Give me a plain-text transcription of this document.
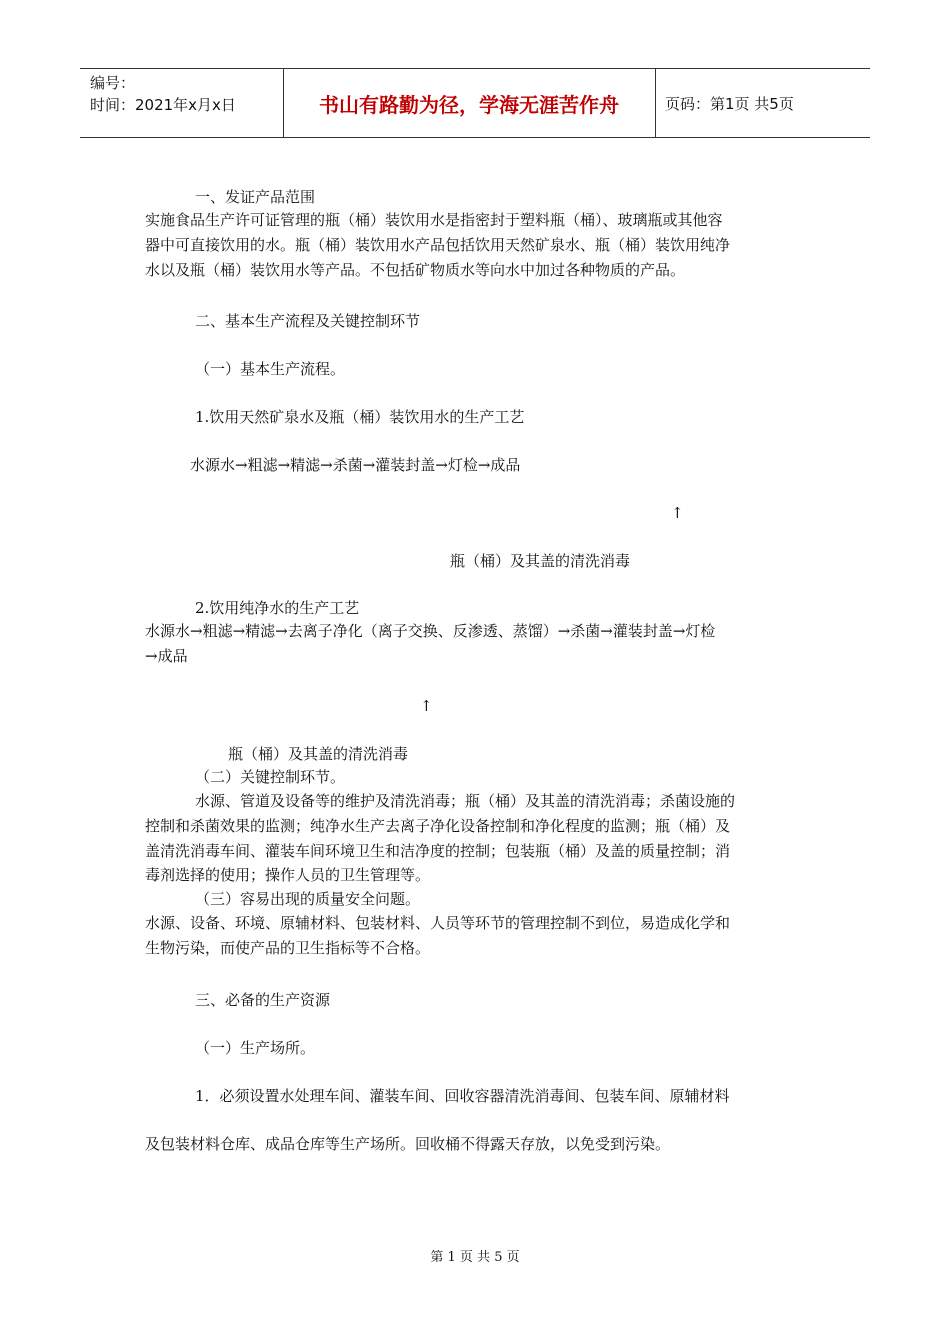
编号：
时间：2021年x月x日	书山有路勤为径，学海无涯苦作舟	页码：第1页 共5页
一、发证产品范围
实施食品生产许可证管理的瓶（桶）装饮用水是指密封于塑料瓶（桶）、玻璃瓶或其他容
器中可直接饮用的水。瓶（桶）装饮用水产品包括饮用天然矿泉水、瓶（桶）装饮用纯净
水以及瓶（桶）装饮用水等产品。不包括矿物质水等向水中加过各种物质的产品。
二、基本生产流程及关键控制环节
（一）基本生产流程。
1.饮用天然矿泉水及瓶（桶）装饮用水的生产工艺
水源水→粗滤→精滤→杀菌→灌装封盖→灯检→成品
↑
瓶（桶）及其盖的清洗消毒
2.饮用纯净水的生产工艺
水源水→粗滤→精滤→去离子净化（离子交换、反渗透、蒸馏）→杀菌→灌装封盖→灯检
→成品
↑
瓶（桶）及其盖的清洗消毒
（二）关键控制环节。
水源、管道及设备等的维护及清洗消毒；瓶（桶）及其盖的清洗消毒；杀菌设施的
控制和杀菌效果的监测；纯净水生产去离子净化设备控制和净化程度的监测；瓶（桶）及
盖清洗消毒车间、灌装车间环境卫生和洁净度的控制；包装瓶（桶）及盖的质量控制；消
毒剂选择的使用；操作人员的卫生管理等。
（三）容易出现的质量安全问题。
水源、设备、环境、原辅材料、包装材料、人员等环节的管理控制不到位，易造成化学和
生物污染，而使产品的卫生指标等不合格。
三、必备的生产资源
（一）生产场所。
1．必须设置水处理车间、灌装车间、回收容器清洗消毒间、包装车间、原辅材料
及包装材料仓库、成品仓库等生产场所。回收桶不得露天存放，以免受到污染。
第 1 页 共 5 页
